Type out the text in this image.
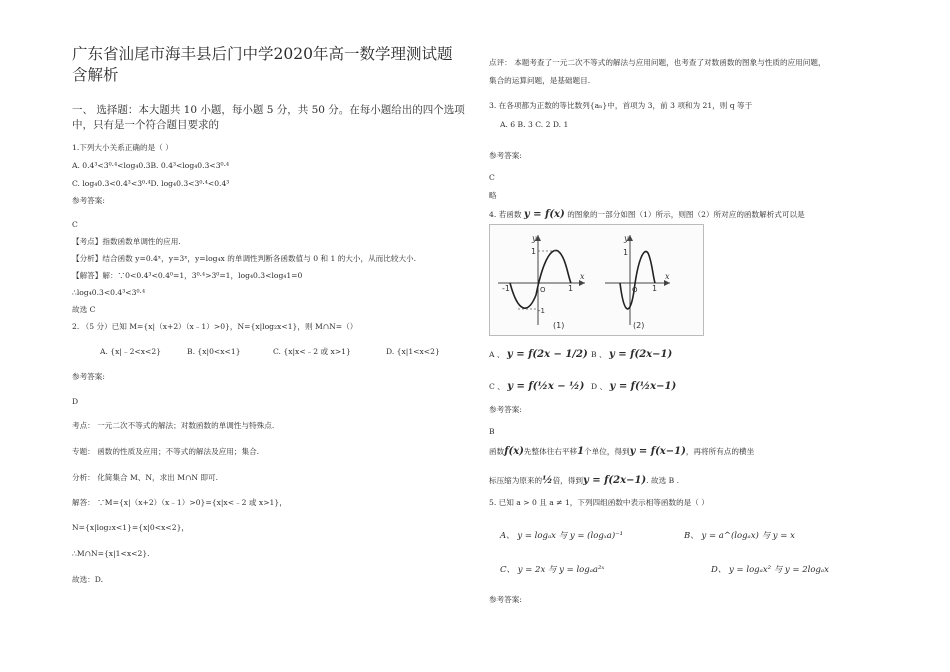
广东省汕尾市海丰县后门中学2020年高一数学理测试题含解析
一、 选择题：本大题共 10 小题，每小题 5 分，共 50 分。在每小题给出的四个选项中，只有是一个符合题目要求的
1.下列大小关系正确的是（ ）
A. 0.4³<3⁰·⁴<log₄0.3B. 0.4³<log₄0.3<3⁰·⁴
C. log₄0.3<0.4³<3⁰·⁴D. log₄0.3<3⁰·⁴<0.4³
参考答案:
C
【考点】指数函数单调性的应用.
【分析】结合函数 y=0.4ˣ，y=3ˣ，y=log₄x 的单调性判断各函数值与 0 和 1 的大小，从而比较大小.
【解答】解：∵0<0.4³<0.4⁰=1，3⁰·⁴>3⁰=1，log₄0.3<log₄1=0
∴log₄0.3<0.4³<3⁰·⁴
故选 C
2. （5 分）已知 M={x|（x+2）（x﹣1）>0}，N={x|log₂x<1}，则 M∩N=（）
A. {x|﹣2<x<2}	B. {x|0<x<1}	C. {x|x<﹣2 或 x>1}	D. {x|1<x<2}
参考答案:
D
考点： 一元二次不等式的解法；对数函数的单调性与特殊点.
专题： 函数的性质及应用；不等式的解法及应用；集合.
分析： 化简集合 M、N，求出 M∩N 即可.
解答： ∵M={x|（x+2）（x﹣1）>0}={x|x<﹣2 或 x>1}，
N={x|log₂x<1}={x|0<x<2}，
∴M∩N={x|1<x<2}.
故选：D.
点评： 本题考查了一元二次不等式的解法与应用问题，也考查了对数函数的图象与性质的应用问题，
集合的运算问题，是基础题目.
3. 在各项都为正数的等比数列{aₙ}中，首项为 3，前 3 项和为 21，则 q 等于
A. 6 B. 3 C. 2 D. 1
参考答案:
C
略
4. 若函数 y = f(x) 的图象的一部分如图（1）所示，则图（2）所对应的函数解析式可以是
1
y
x
-1	1
O
-1
(1)
y
x
1
O 1
(2)
A 、 y = f(2x − 1/2) B 、 y = f(2x−1)
C 、 y = f(½x − ½) D 、 y = f(½x−1)
参考答案:
B
函数f(x)先整体往右平移1个单位，得到y = f(x−1)，再将所有点的横坐
标压缩为原来的½倍，得到y = f(2x−1). 故选 B .
5. 已知 a > 0 且 a ≠ 1，下列四组函数中表示相等函数的是（ ）
A、 y = logₐx 与 y = (logₓa)⁻¹	B、 y = a^(logₐx) 与 y = x
C、 y = 2x 与 y = logₐa²ˣ	D、 y = logₐx² 与 y = 2logₐx
参考答案:
